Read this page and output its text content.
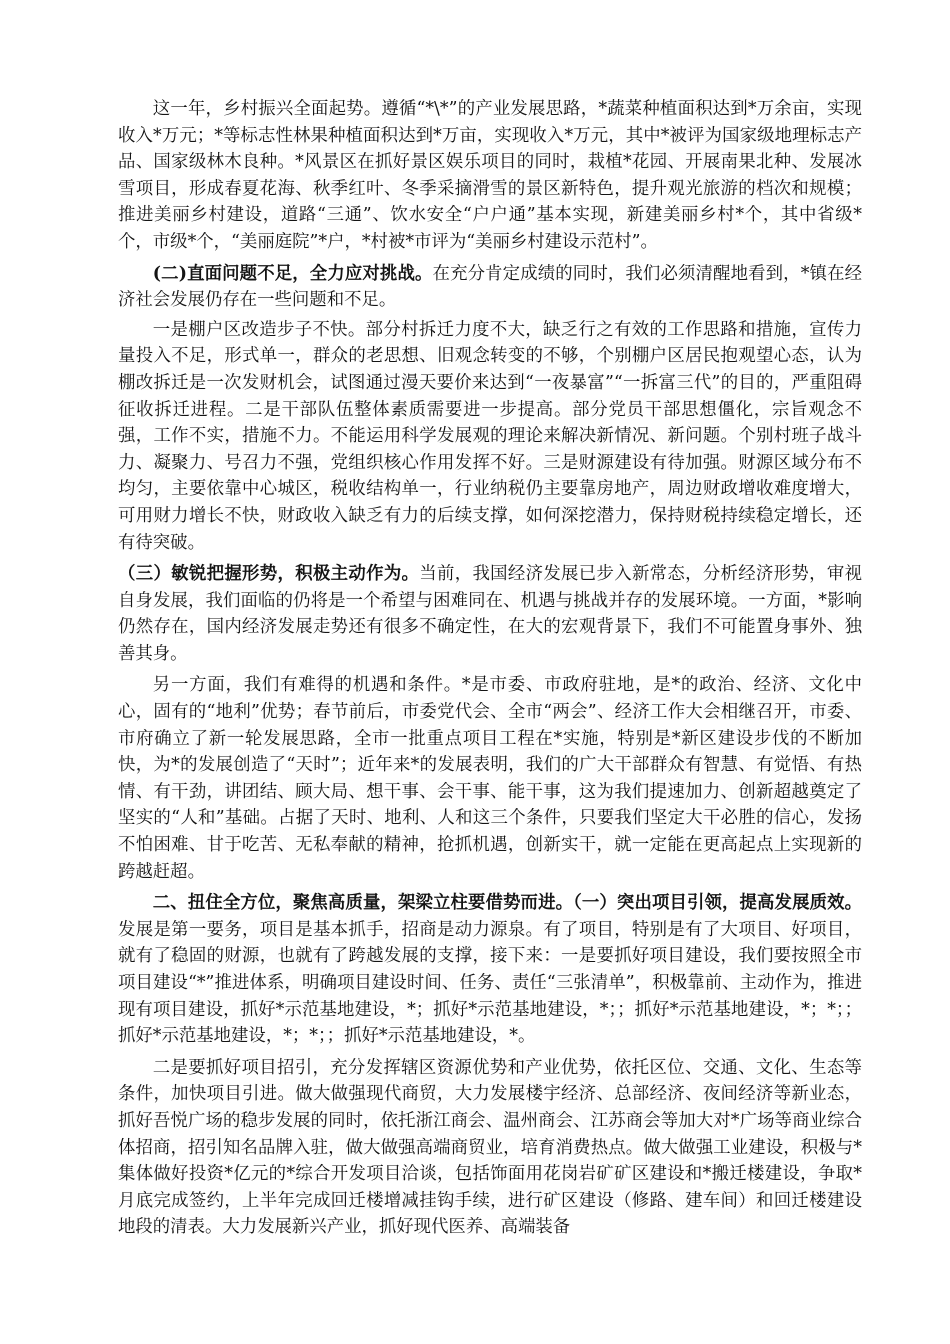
这一年，乡村振兴全面起势。遵循“*\*”的产业发展思路，*蔬菜种植面积达到*万余亩，实现收入*万元；*等标志性林果种植面积达到*万亩，实现收入*万元，其中*被评为国家级地理标志产品、国家级林木良种。*风景区在抓好景区娱乐项目的同时，栽植*花园、开展南果北种、发展冰雪项目，形成春夏花海、秋季红叶、冬季采摘滑雪的景区新特色，提升观光旅游的档次和规模；推进美丽乡村建设，道路“三通”、饮水安全“户户通”基本实现，新建美丽乡村*个，其中省级*个，市级*个，“美丽庭院”*户，*村被*市评为“美丽乡村建设示范村”。

(二)直面问题不足，全力应对挑战。在充分肯定成绩的同时，我们必须清醒地看到，*镇在经济社会发展仍存在一些问题和不足。

一是棚户区改造步子不快。部分村拆迁力度不大，缺乏行之有效的工作思路和措施，宣传力量投入不足，形式单一，群众的老思想、旧观念转变的不够，个别棚户区居民抱观望心态，认为棚改拆迁是一次发财机会，试图通过漫天要价来达到“一夜暴富”“一拆富三代”的目的，严重阻碍征收拆迁进程。二是干部队伍整体素质需要进一步提高。部分党员干部思想僵化，宗旨观念不强，工作不实，措施不力。不能运用科学发展观的理论来解决新情况、新问题。个别村班子战斗力、凝聚力、号召力不强，党组织核心作用发挥不好。三是财源建设有待加强。财源区域分布不均匀，主要依靠中心城区，税收结构单一，行业纳税仍主要靠房地产，周边财政增收难度增大，可用财力增长不快，财政收入缺乏有力的后续支撑，如何深挖潜力，保持财税持续稳定增长，还有待突破。

（三）敏锐把握形势，积极主动作为。当前，我国经济发展已步入新常态，分析经济形势，审视自身发展，我们面临的仍将是一个希望与困难同在、机遇与挑战并存的发展环境。一方面，*影响仍然存在，国内经济发展走势还有很多不确定性，在大的宏观背景下，我们不可能置身事外、独善其身。

另一方面，我们有难得的机遇和条件。*是市委、市政府驻地，是*的政治、经济、文化中心，固有的“地利”优势；春节前后，市委党代会、全市“两会”、经济工作大会相继召开，市委、市府确立了新一轮发展思路，全市一批重点项目工程在*实施，特别是*新区建设步伐的不断加快，为*的发展创造了“天时”；近年来*的发展表明，我们的广大干部群众有智慧、有觉悟、有热情、有干劲，讲团结、顾大局、想干事、会干事、能干事，这为我们提速加力、创新超越奠定了坚实的“人和”基础。占据了天时、地利、人和这三个条件，只要我们坚定大干必胜的信心，发扬不怕困难、甘于吃苦、无私奉献的精神，抢抓机遇，创新实干，就一定能在更高起点上实现新的跨越赶超。

二、扭住全方位，聚焦高质量，架梁立柱要借势而进。（一）突出项目引领，提高发展质效。发展是第一要务，项目是基本抓手，招商是动力源泉。有了项目，特别是有了大项目、好项目，就有了稳固的财源，也就有了跨越发展的支撑，接下来：一是要抓好项目建设，我们要按照全市项目建设“*”推进体系，明确项目建设时间、任务、责任“三张清单”，积极靠前、主动作为，推进现有项目建设，抓好*示范基地建设，*；抓好*示范基地建设，*；；抓好*示范基地建设，*；*；；抓好*示范基地建设，*；*；；抓好*示范基地建设，*。

二是要抓好项目招引，充分发挥辖区资源优势和产业优势，依托区位、交通、文化、生态等条件，加快项目引进。做大做强现代商贸，大力发展楼宇经济、总部经济、夜间经济等新业态，抓好吾悦广场的稳步发展的同时，依托浙江商会、温州商会、江苏商会等加大对*广场等商业综合体招商，招引知名品牌入驻，做大做强高端商贸业，培育消费热点。做大做强工业建设，积极与*集体做好投资*亿元的*综合开发项目洽谈，包括饰面用花岗岩矿矿区建设和*搬迁楼建设，争取*月底完成签约，上半年完成回迁楼增减挂钩手续，进行矿区建设（修路、建车间）和回迁楼建设地段的清表。大力发展新兴产业，抓好现代医养、高端装备
